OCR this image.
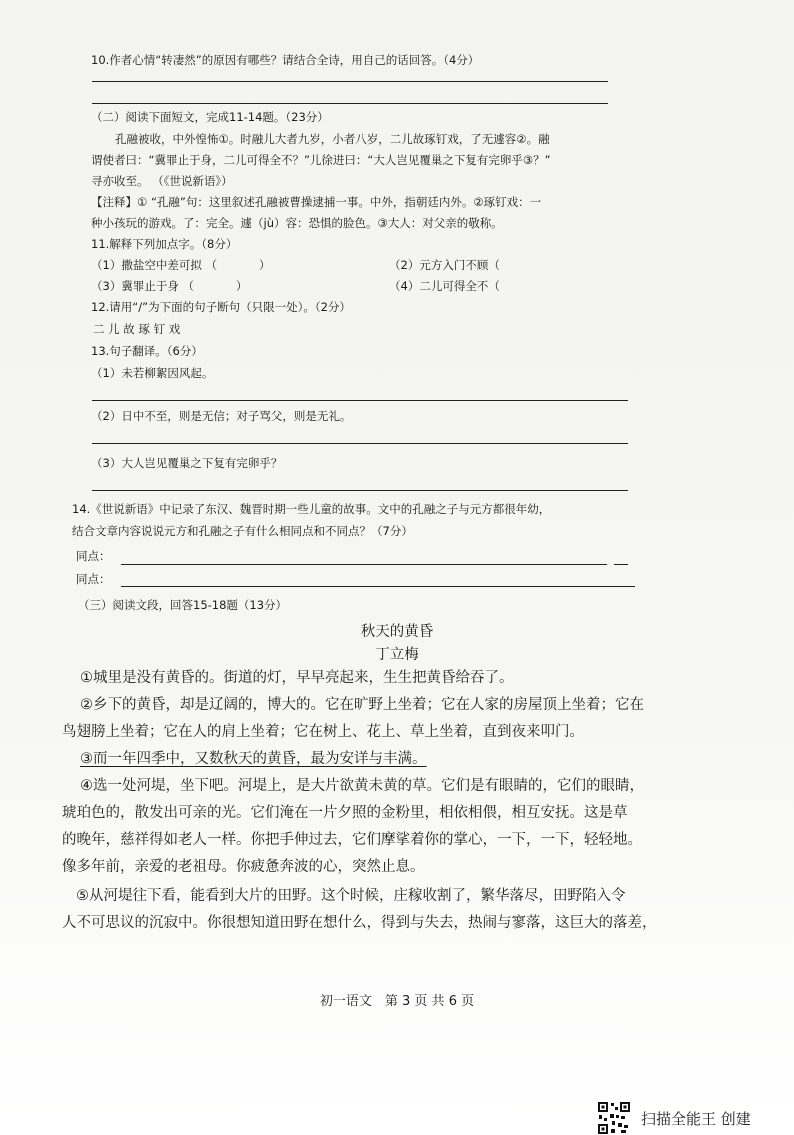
10.作者心情“转凄然”的原因有哪些？请结合全诗，用自己的话回答。（4分）
（二）阅读下面短文，完成11-14题。（23分）
孔融被收，中外惶怖①。时融儿大者九岁，小者八岁，二儿故琢钉戏，了无遽容②。融
谓使者曰：“冀罪止于身，二儿可得全不？”儿徐进曰：“大人岂见覆巢之下复有完卵乎③？”
寻亦收至。 （《世说新语》）
【注释】① “孔融”句：这里叙述孔融被曹操逮捕一事。中外，指朝廷内外。②琢钉戏：一
种小孩玩的游戏。了：完全。遽（jù）容：恐惧的脸色。③大人：对父亲的敬称。
11.解释下列加点字。（8分）
（1）撒盐空中差可拟 （	）	（2）元方入门不顾（
（3）冀罪止于身 （	）	（4）二儿可得全不（
12.请用“/”为下面的句子断句（只限一处）。（2分）
二 儿 故 琢 钉 戏
13.句子翻译。（6分）
（1）未若柳絮因风起。
（2）日中不至，则是无信；对子骂父，则是无礼。
（3）大人岂见覆巢之下复有完卵乎？
14.《世说新语》中记录了东汉、魏晋时期一些儿童的故事。文中的孔融之子与元方都很年幼，
结合文章内容说说元方和孔融之子有什么相同点和不同点？（7分）
同点：
同点：
（三）阅读文段，回答15-18题（13分）
秋天的黄昏
丁立梅
①城里是没有黄昏的。街道的灯，早早亮起来，生生把黄昏给吞了。
②乡下的黄昏，却是辽阔的，博大的。它在旷野上坐着；它在人家的房屋顶上坐着；它在
鸟翅膀上坐着；它在人的肩上坐着；它在树上、花上、草上坐着，直到夜来叩门。
③而一年四季中，又数秋天的黄昏，最为安详与丰满。
④选一处河堤，坐下吧。河堤上，是大片欲黄未黄的草。它们是有眼睛的，它们的眼睛，
琥珀色的，散发出可亲的光。它们淹在一片夕照的金粉里，相依相偎，相互安抚。这是草
的晚年，慈祥得如老人一样。你把手伸过去，它们摩挲着你的掌心，一下，一下，轻轻地。
像多年前，亲爱的老祖母。你疲惫奔波的心，突然止息。
⑤从河堤往下看，能看到大片的田野。这个时候，庄稼收割了，繁华落尽，田野陷入令
人不可思议的沉寂中。你很想知道田野在想什么，得到与失去，热闹与寥落，这巨大的落差，
初一语文　第 3 页 共 6 页
扫描全能王 创建
